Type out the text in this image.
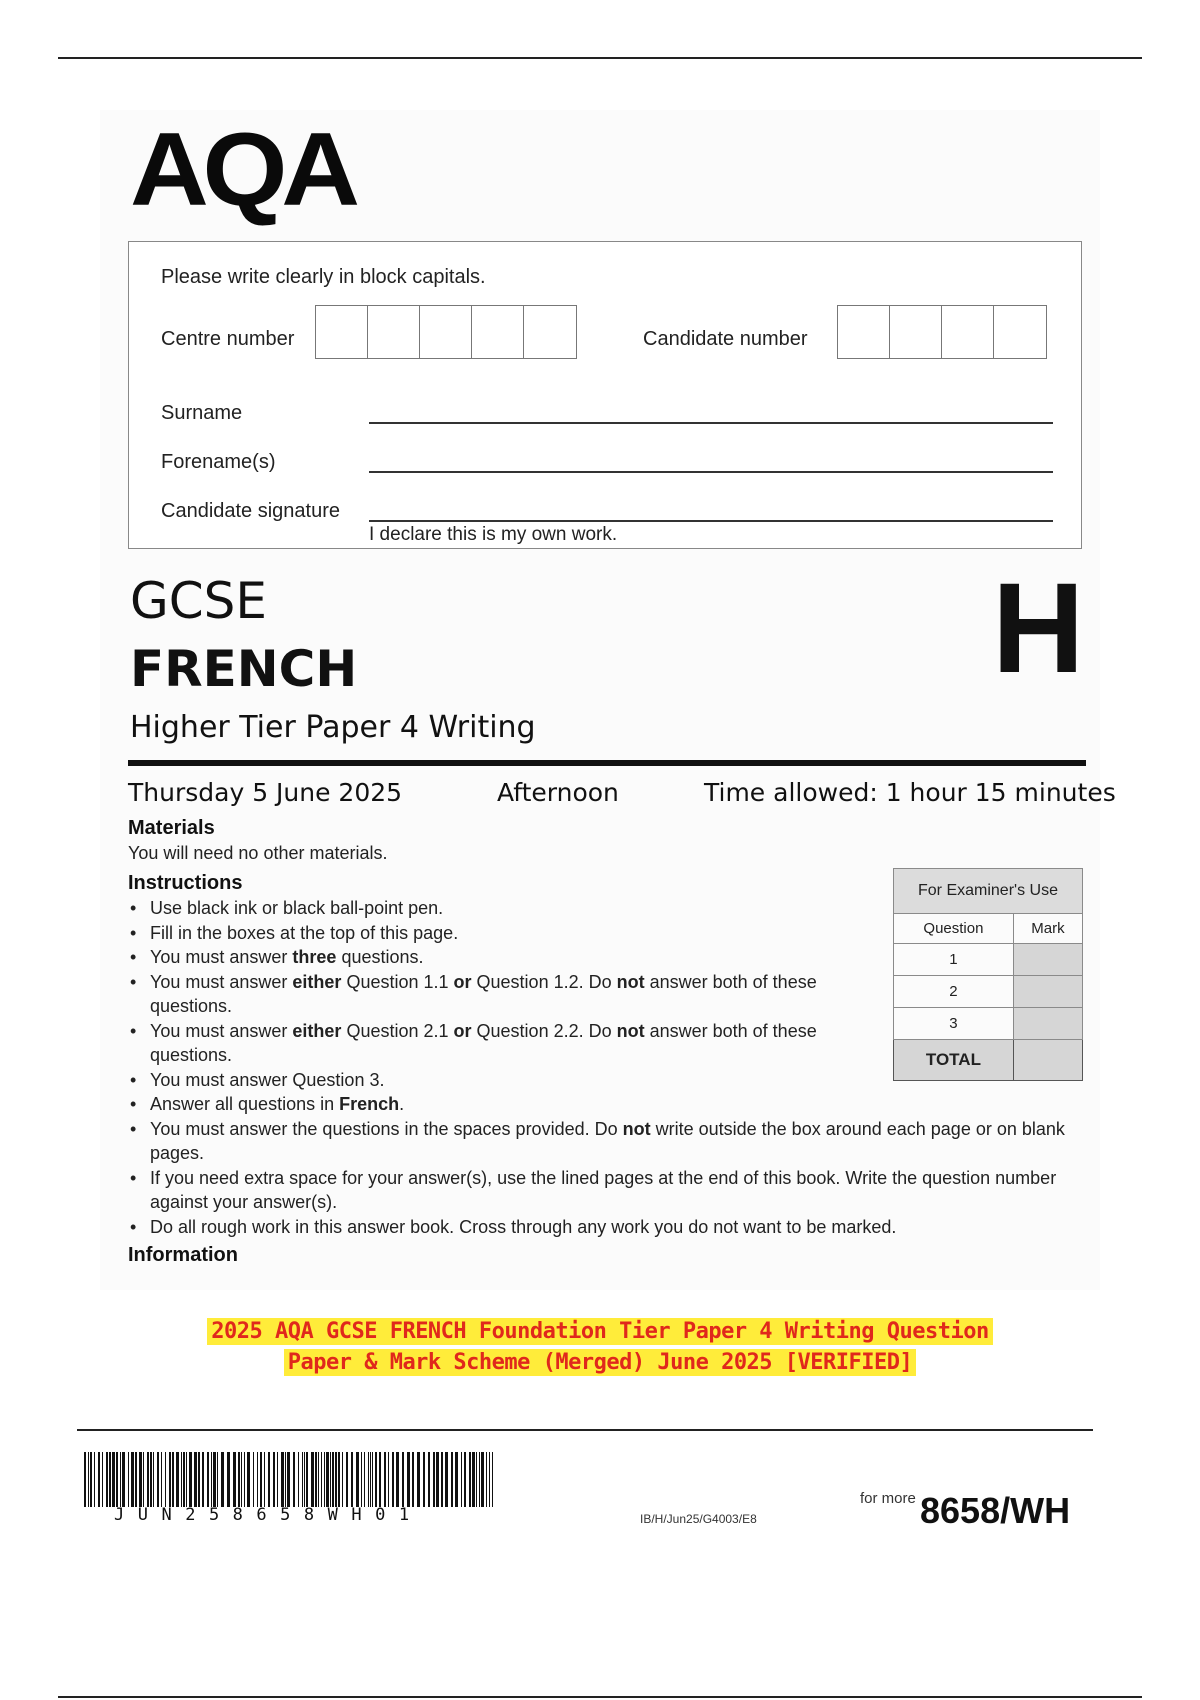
AQA
Please write clearly in block capitals.
Centre number	Candidate number
Surname
Forename(s)
Candidate signature
I declare this is my own work.
GCSE
FRENCH
Higher Tier Paper 4 Writing
H
Thursday 5 June 2025	Afternoon	Time allowed: 1 hour 15 minutes
Materials
You will need no other materials.
Instructions
• Use black ink or black ball-point pen.
• Fill in the boxes at the top of this page.
• You must answer three questions.
• You must answer either Question 1.1 or Question 1.2. Do not answer both of these questions.
• You must answer either Question 2.1 or Question 2.2. Do not answer both of these questions.
• You must answer Question 3.
• Answer all questions in French.
• You must answer the questions in the spaces provided. Do not write outside the box around each page or on blank pages.
• If you need extra space for your answer(s), use the lined pages at the end of this book. Write the question number against your answer(s).
• Do all rough work in this answer book. Cross through any work you do not want to be marked.
Information
For Examiner's Use	
Question	Mark
1	
2	
3	
TOTAL	
2025 AQA GCSE FRENCH Foundation Tier Paper 4 Writing Question
Paper & Mark Scheme (Merged) June 2025 [VERIFIED]
JUN258658WH01	IB/H/Jun25/G4003/E8
for more 8658/WH
